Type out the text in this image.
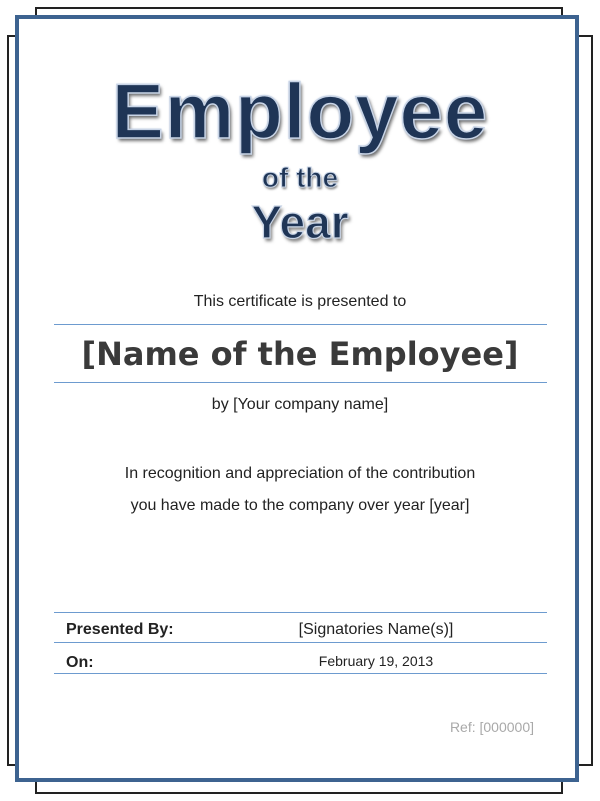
Employee
of the
Year
This certificate is presented to
[Name of the Employee]
by [Your company name]
In recognition and appreciation of the contribution
you have made to the company over year [year]
Presented By:	[Signatories Name(s)]
On:	February 19, 2013
Ref: [000000]
